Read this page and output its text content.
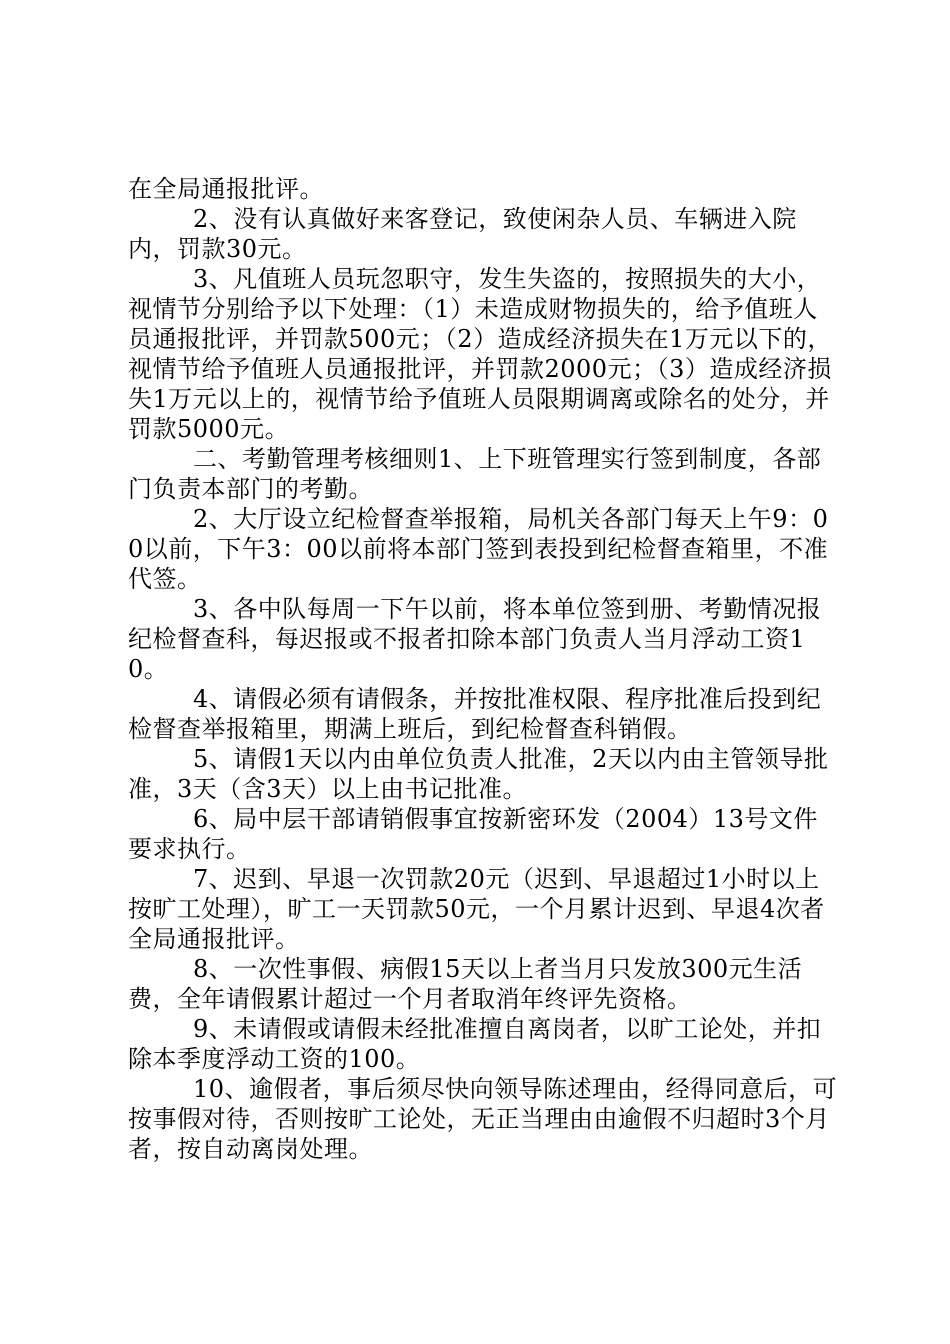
在全局通报批评。

2、没有认真做好来客登记，致使闲杂人员、车辆进入院内，罚款30元。

3、凡值班人员玩忽职守，发生失盗的，按照损失的大小，视情节分别给予以下处理：（1）未造成财物损失的，给予值班人员通报批评，并罚款500元；（2）造成经济损失在1万元以下的，视情节给予值班人员通报批评，并罚款2000元；（3）造成经济损失1万元以上的，视情节给予值班人员限期调离或除名的处分，并罚款5000元。

二、考勤管理考核细则1、上下班管理实行签到制度，各部门负责本部门的考勤。

2、大厅设立纪检督查举报箱，局机关各部门每天上午9：00以前，下午3：00以前将本部门签到表投到纪检督查箱里，不准代签。

3、各中队每周一下午以前，将本单位签到册、考勤情况报纪检督查科，每迟报或不报者扣除本部门负责人当月浮动工资10。

4、请假必须有请假条，并按批准权限、程序批准后投到纪检督查举报箱里，期满上班后，到纪检督查科销假。

5、请假1天以内由单位负责人批准，2天以内由主管领导批准，3天（含3天）以上由书记批准。

6、局中层干部请销假事宜按新密环发（2004）13号文件要求执行。

7、迟到、早退一次罚款20元（迟到、早退超过1小时以上按旷工处理），旷工一天罚款50元，一个月累计迟到、早退4次者全局通报批评。

8、一次性事假、病假15天以上者当月只发放300元生活费，全年请假累计超过一个月者取消年终评先资格。

9、未请假或请假未经批准擅自离岗者，以旷工论处，并扣除本季度浮动工资的100。

10、逾假者，事后须尽快向领导陈述理由，经得同意后，可按事假对待，否则按旷工论处，无正当理由由逾假不归超时3个月者，按自动离岗处理。
